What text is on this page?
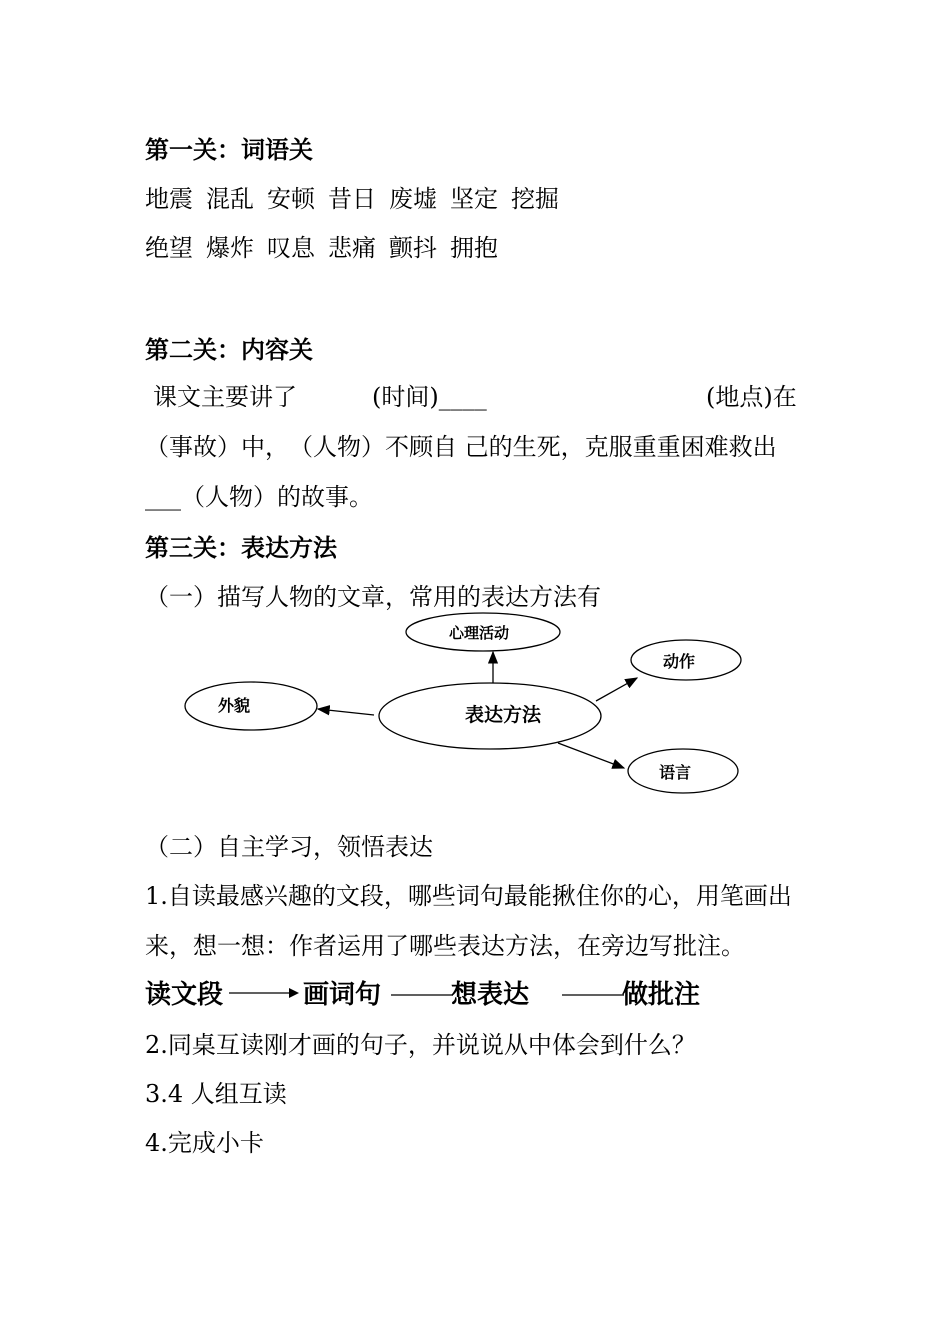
第一关：词语关
地震 混乱 安顿 昔日 废墟 坚定 挖掘
绝望 爆炸 叹息 悲痛 颤抖 拥抱
第二关：内容关
课文主要讲了	(时间)____	(地点)在
（事故）中，　（人物）不顾自 己的生死，克服重重困难救出
___（人物）的故事。
第三关：表达方法
（一）描写人物的文章，常用的表达方法有
表达方法
心理活动
动作
外貌
语言
（二）自主学习，领悟表达
1.自读最感兴趣的文段，哪些词句最能揪住你的心，用笔画出
来，想一想：作者运用了哪些表达方法，在旁边写批注。
读文段	画词句	想表达	做批注
2.同桌互读刚才画的句子，并说说从中体会到什么？
3.4 人组互读
4.完成小卡
